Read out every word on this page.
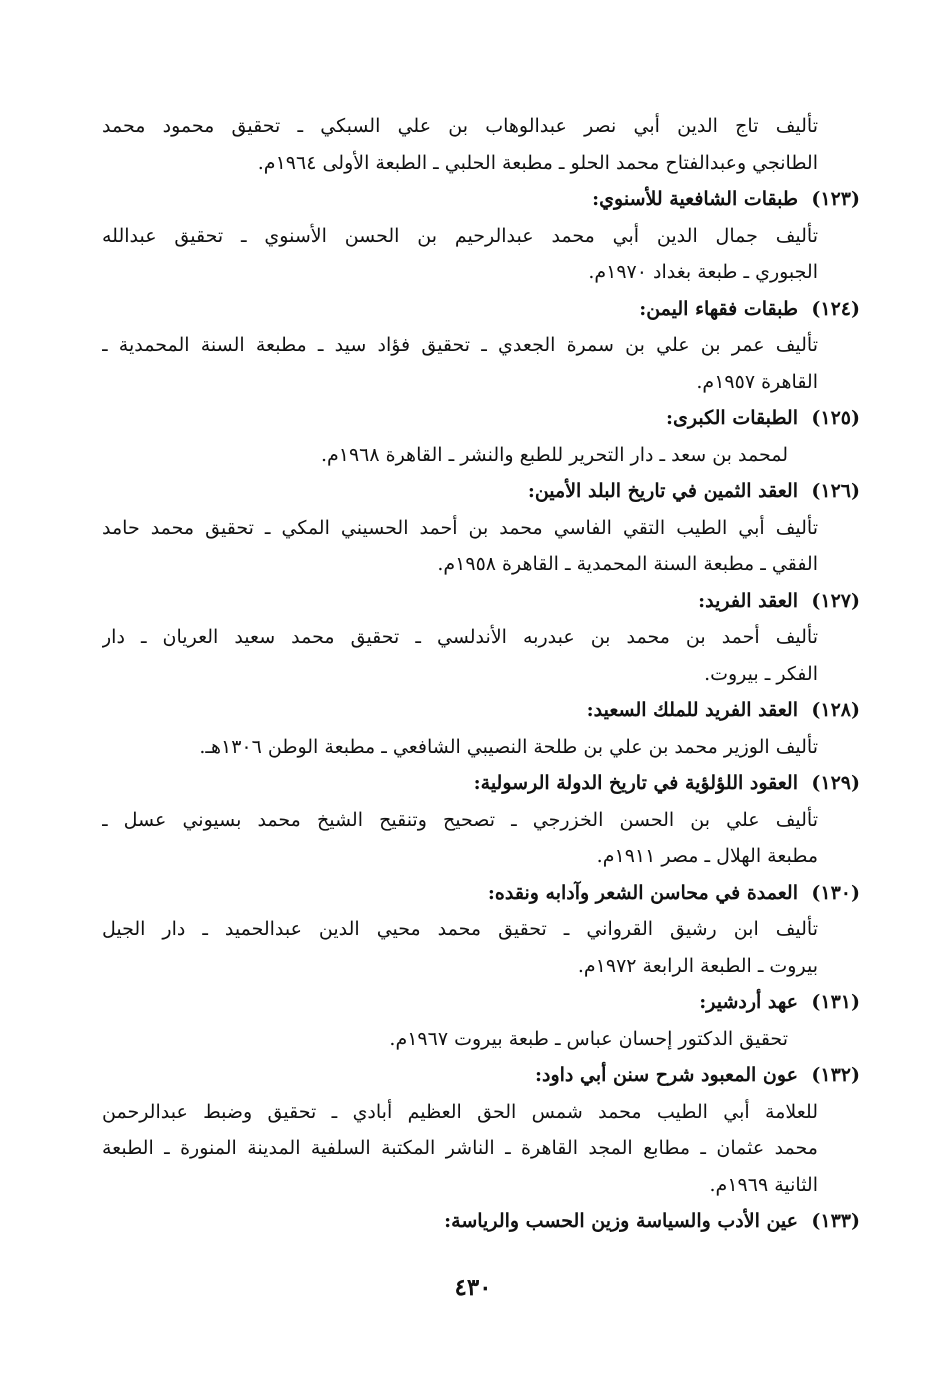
تأليف تاج الدين أبي نصر عبدالوهاب بن علي السبكي ـ تحقيق محمود محمد
الطانجي وعبدالفتاح محمد الحلو ـ مطبعة الحلبي ـ الطبعة الأولى ١٩٦٤م.
(١٢٣)
طبقات الشافعية للأسنوي:
تأليف جمال الدين أبي محمد عبدالرحيم بن الحسن الأسنوي ـ تحقيق عبدالله
الجبوري ـ طبعة بغداد ١٩٧٠م.
(١٢٤)
طبقات فقهاء اليمن:
تأليف عمر بن علي بن سمرة الجعدي ـ تحقيق فؤاد سيد ـ مطبعة السنة المحمدية ـ
القاهرة ١٩٥٧م.
(١٢٥)
الطبقات الكبرى:
لمحمد بن سعد ـ دار التحرير للطبع والنشر ـ القاهرة ١٩٦٨م.
(١٢٦)
العقد الثمين في تاريخ البلد الأمين:
تأليف أبي الطيب التقي الفاسي محمد بن أحمد الحسيني المكي ـ تحقيق محمد حامد
الفقي ـ مطبعة السنة المحمدية ـ القاهرة ١٩٥٨م.
(١٢٧)
العقد الفريد:
تأليف أحمد بن محمد بن عبدربه الأندلسي ـ تحقيق محمد سعيد العريان ـ دار
الفكر ـ بيروت.
(١٢٨)
العقد الفريد للملك السعيد:
تأليف الوزير محمد بن علي بن طلحة النصيبي الشافعي ـ مطبعة الوطن ١٣٠٦هـ.
(١٢٩)
العقود اللؤلؤية في تاريخ الدولة الرسولية:
تأليف علي بن الحسن الخزرجي ـ تصحيح وتنقيح الشيخ محمد بسيوني عسل ـ
مطبعة الهلال ـ مصر ١٩١١م.
(١٣٠)
العمدة في محاسن الشعر وآدابه ونقده:
تأليف ابن رشيق القرواني ـ تحقيق محمد محيي الدين عبدالحميد ـ دار الجيل
بيروت ـ الطبعة الرابعة ١٩٧٢م.
(١٣١)
عهد أردشير:
تحقيق الدكتور إحسان عباس ـ طبعة بيروت ١٩٦٧م.
(١٣٢)
عون المعبود شرح سنن أبي داود:
للعلامة أبي الطيب محمد شمس الحق العظيم أبادي ـ تحقيق وضبط عبدالرحمن
محمد عثمان ـ مطابع المجد القاهرة ـ الناشر المكتبة السلفية المدينة المنورة ـ الطبعة
الثانية ١٩٦٩م.
(١٣٣)
عين الأدب والسياسة وزين الحسب والرياسة:
٤٣٠
